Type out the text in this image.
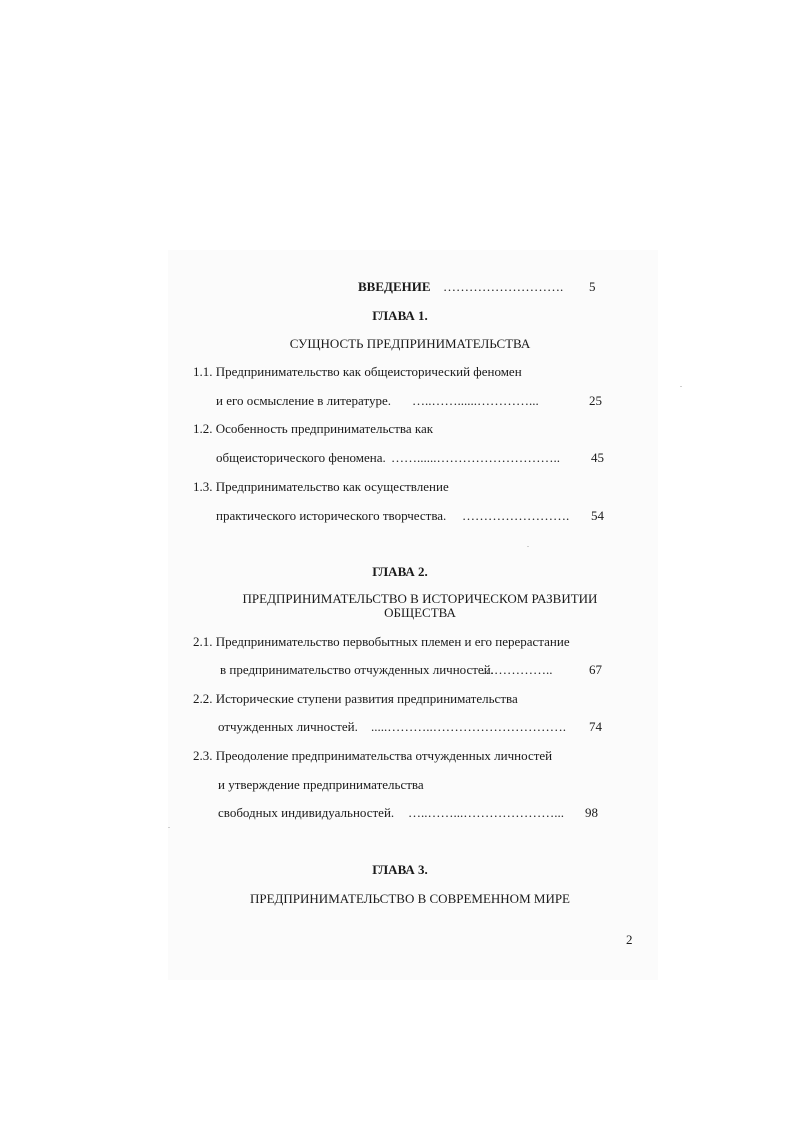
ВВЕДЕНИЕ ………………………. 5
ГЛАВА 1.
СУЩНОСТЬ ПРЕДПРИНИМАТЕЛЬСТВА
1.1. Предпринимательство как общеисторический феномен
и его осмысление в литературе. …..……......…………...	25
1.2. Особенность предпринимательства как
общеисторического феномена. ……......……………………….. 45
1.3. Предпринимательство как осуществление
практического исторического творчества. ……………………. 54
ГЛАВА 2.
ПРЕДПРИНИМАТЕЛЬСТВО В ИСТОРИЧЕСКОМ РАЗВИТИИ
ОБЩЕСТВА
2.1. Предпринимательство первобытных племен и его перерастание
в предпринимательство отчужденных личностей.
……………..	67
2.2. Исторические ступени развития предпринимательства
отчужденных личностей. .....………..…………………………. 74
2.3. Преодоление предпринимательства отчужденных личностей
и утверждение предпринимательства
свободных индивидуальностей. …..……...…………………... 98
ГЛАВА 3.
ПРЕДПРИНИМАТЕЛЬСТВО В СОВРЕМЕННОМ МИРЕ
2
